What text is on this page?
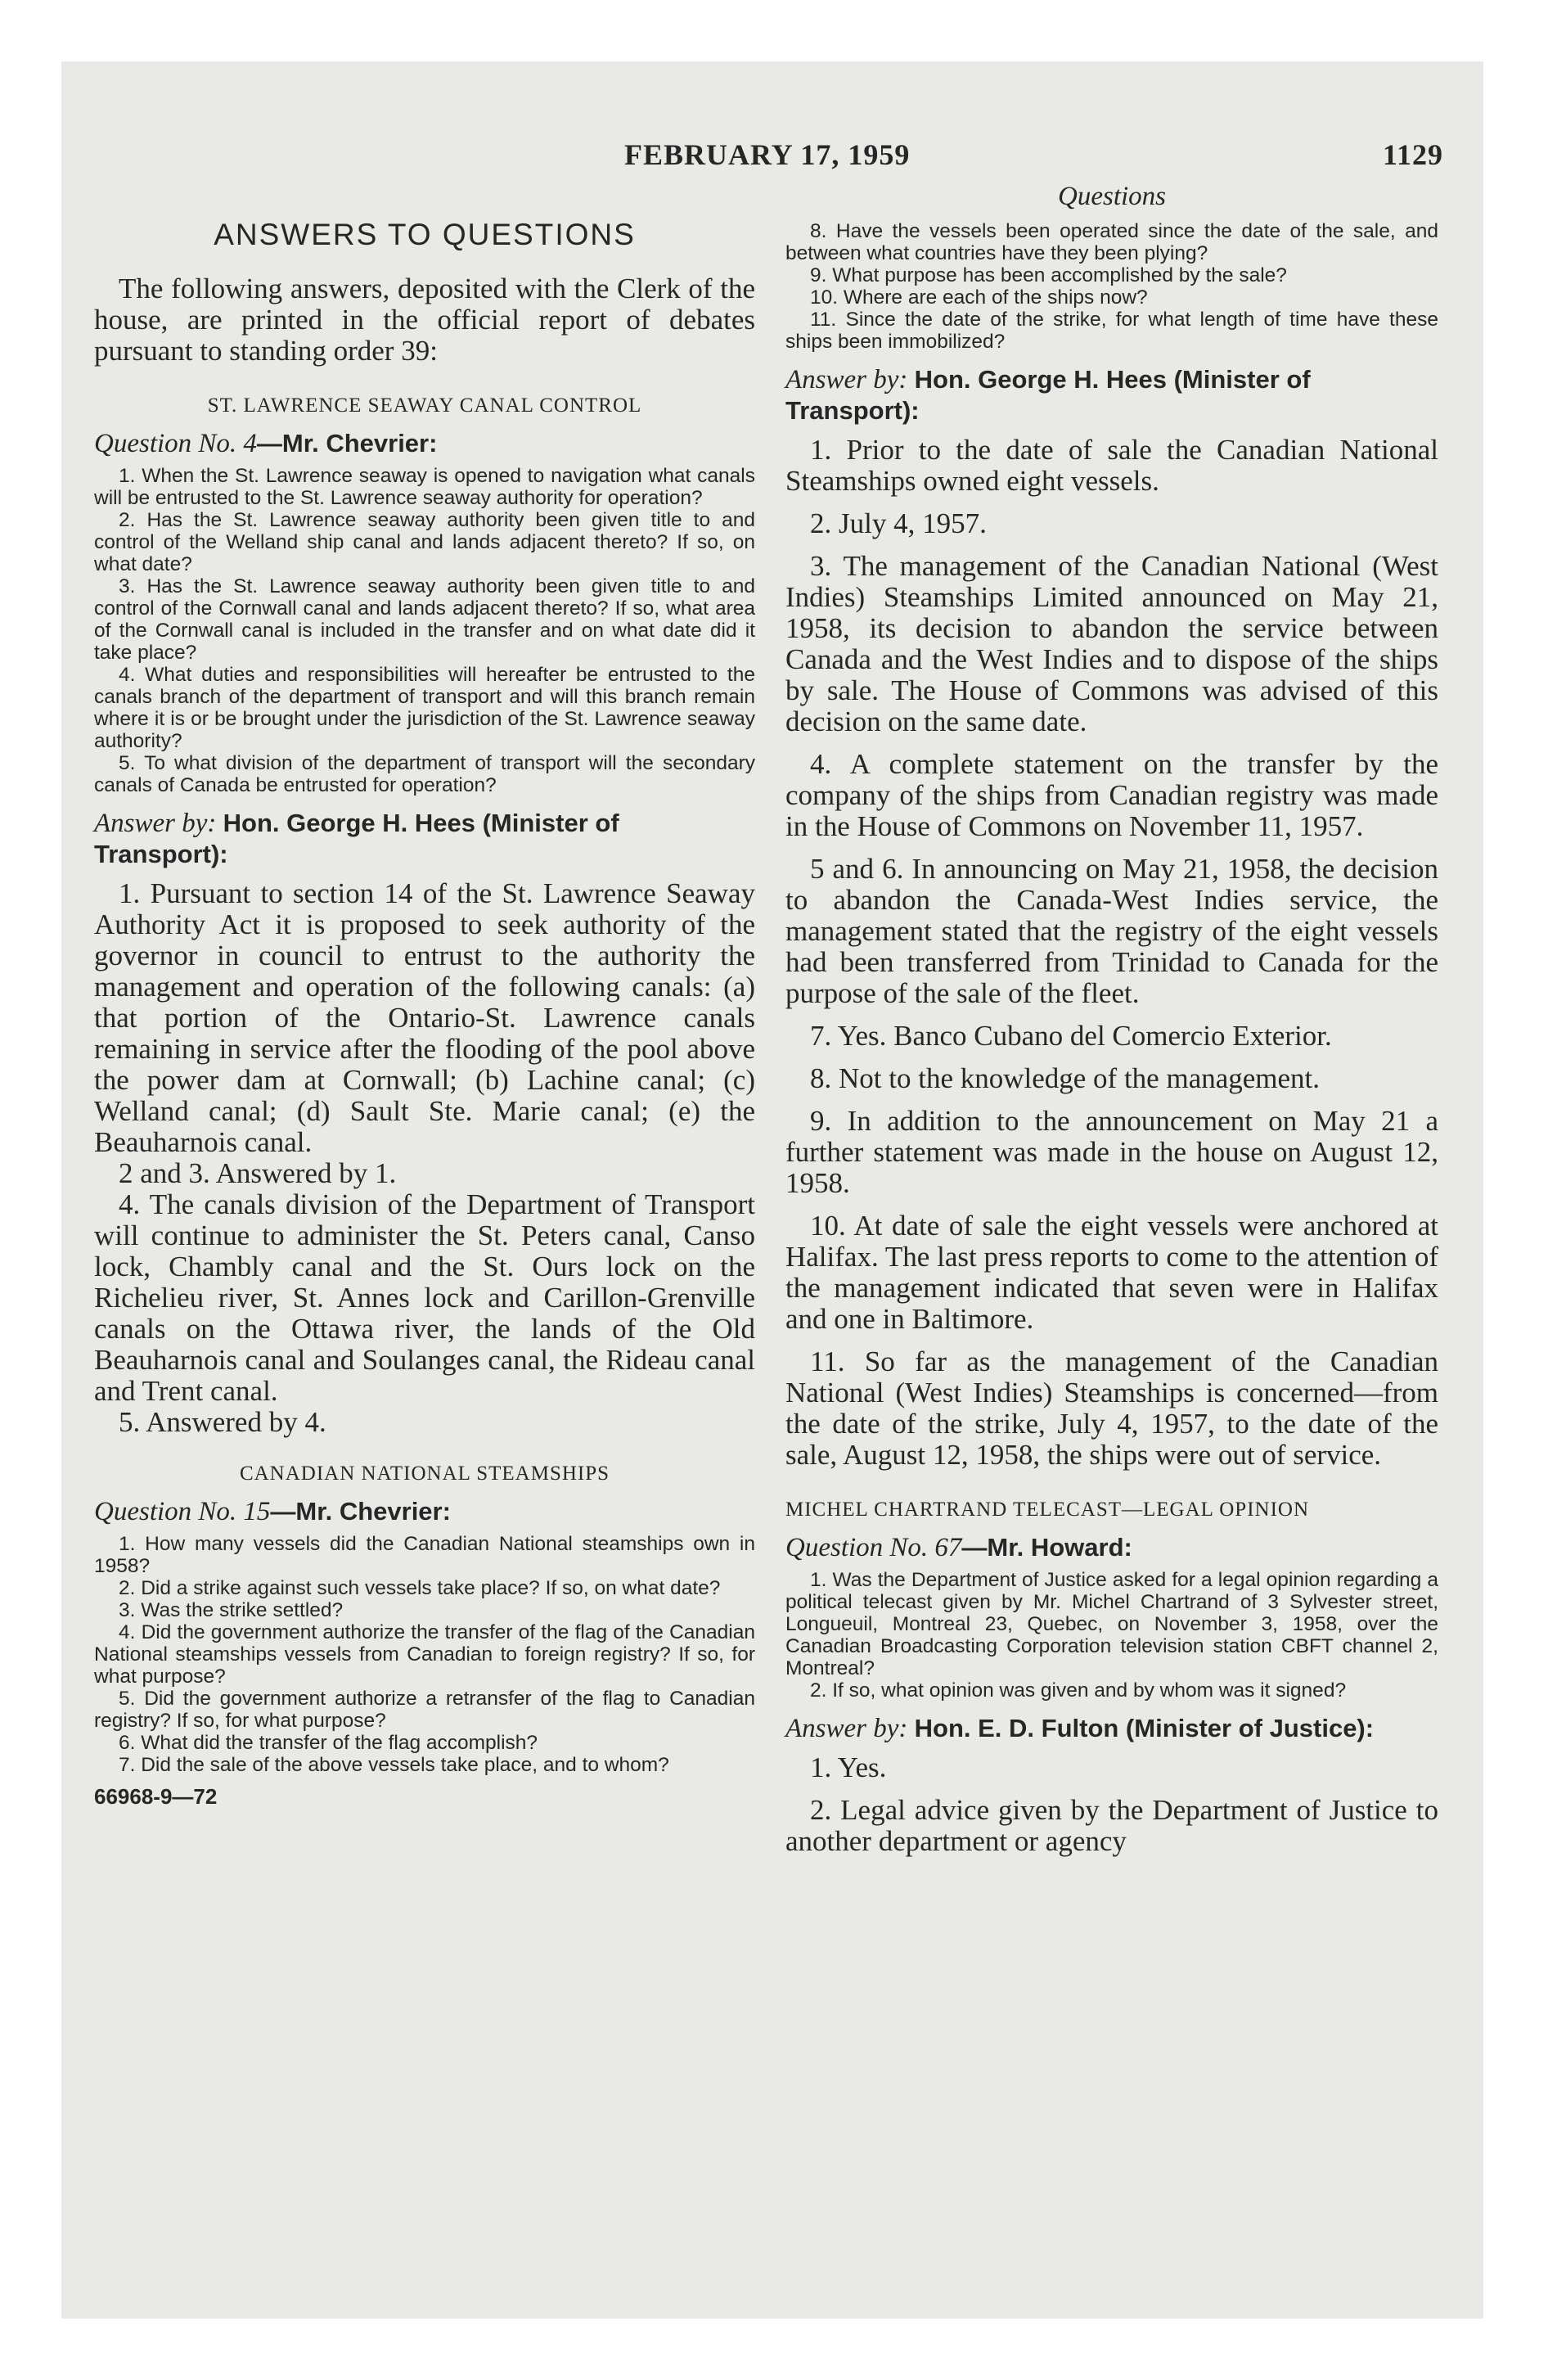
FEBRUARY 17, 1959	1129

ANSWERS TO QUESTIONS

The following answers, deposited with the Clerk of the house, are printed in the official report of debates pursuant to standing order 39:

ST. LAWRENCE SEAWAY CANAL CONTROL

Question No. 4—Mr. Chevrier:

1. When the St. Lawrence seaway is opened to navigation what canals will be entrusted to the St. Lawrence seaway authority for operation?

2. Has the St. Lawrence seaway authority been given title to and control of the Welland ship canal and lands adjacent thereto? If so, on what date?

3. Has the St. Lawrence seaway authority been given title to and control of the Cornwall canal and lands adjacent thereto? If so, what area of the Cornwall canal is included in the transfer and on what date did it take place?

4. What duties and responsibilities will hereafter be entrusted to the canals branch of the department of transport and will this branch remain where it is or be brought under the jurisdiction of the St. Lawrence seaway authority?

5. To what division of the department of transport will the secondary canals of Canada be entrusted for operation?

Answer by: Hon. George H. Hees (Minister of Transport):

1. Pursuant to section 14 of the St. Lawrence Seaway Authority Act it is proposed to seek authority of the governor in council to entrust to the authority the management and operation of the following canals: (a) that portion of the Ontario-St. Lawrence canals remaining in service after the flooding of the pool above the power dam at Cornwall; (b) Lachine canal; (c) Welland canal; (d) Sault Ste. Marie canal; (e) the Beauharnois canal.

2 and 3. Answered by 1.

4. The canals division of the Department of Transport will continue to administer the St. Peters canal, Canso lock, Chambly canal and the St. Ours lock on the Richelieu river, St. Annes lock and Carillon-Grenville canals on the Ottawa river, the lands of the Old Beauharnois canal and Soulanges canal, the Rideau canal and Trent canal.

5. Answered by 4.

CANADIAN NATIONAL STEAMSHIPS

Question No. 15—Mr. Chevrier:

1. How many vessels did the Canadian National steamships own in 1958?

2. Did a strike against such vessels take place? If so, on what date?

3. Was the strike settled?

4. Did the government authorize the transfer of the flag of the Canadian National steamships vessels from Canadian to foreign registry? If so, for what purpose?

5. Did the government authorize a retransfer of the flag to Canadian registry? If so, for what purpose?

6. What did the transfer of the flag accomplish?

7. Did the sale of the above vessels take place, and to whom?

66968-9—72

Questions

8. Have the vessels been operated since the date of the sale, and between what countries have they been plying?

9. What purpose has been accomplished by the sale?

10. Where are each of the ships now?

11. Since the date of the strike, for what length of time have these ships been immobilized?

Answer by: Hon. George H. Hees (Minister of Transport):

1. Prior to the date of sale the Canadian National Steamships owned eight vessels.

2. July 4, 1957.

3. The management of the Canadian National (West Indies) Steamships Limited announced on May 21, 1958, its decision to abandon the service between Canada and the West Indies and to dispose of the ships by sale. The House of Commons was advised of this decision on the same date.

4. A complete statement on the transfer by the company of the ships from Canadian registry was made in the House of Commons on November 11, 1957.

5 and 6. In announcing on May 21, 1958, the decision to abandon the Canada-West Indies service, the management stated that the registry of the eight vessels had been transferred from Trinidad to Canada for the purpose of the sale of the fleet.

7. Yes. Banco Cubano del Comercio Exterior.

8. Not to the knowledge of the management.

9. In addition to the announcement on May 21 a further statement was made in the house on August 12, 1958.

10. At date of sale the eight vessels were anchored at Halifax. The last press reports to come to the attention of the management indicated that seven were in Halifax and one in Baltimore.

11. So far as the management of the Canadian National (West Indies) Steamships is concerned—from the date of the strike, July 4, 1957, to the date of the sale, August 12, 1958, the ships were out of service.

MICHEL CHARTRAND TELECAST—LEGAL OPINION

Question No. 67—Mr. Howard:

1. Was the Department of Justice asked for a legal opinion regarding a political telecast given by Mr. Michel Chartrand of 3 Sylvester street, Longueuil, Montreal 23, Quebec, on November 3, 1958, over the Canadian Broadcasting Corporation television station CBFT channel 2, Montreal?

2. If so, what opinion was given and by whom was it signed?

Answer by: Hon. E. D. Fulton (Minister of Justice):

1. Yes.

2. Legal advice given by the Department of Justice to another department or agency
